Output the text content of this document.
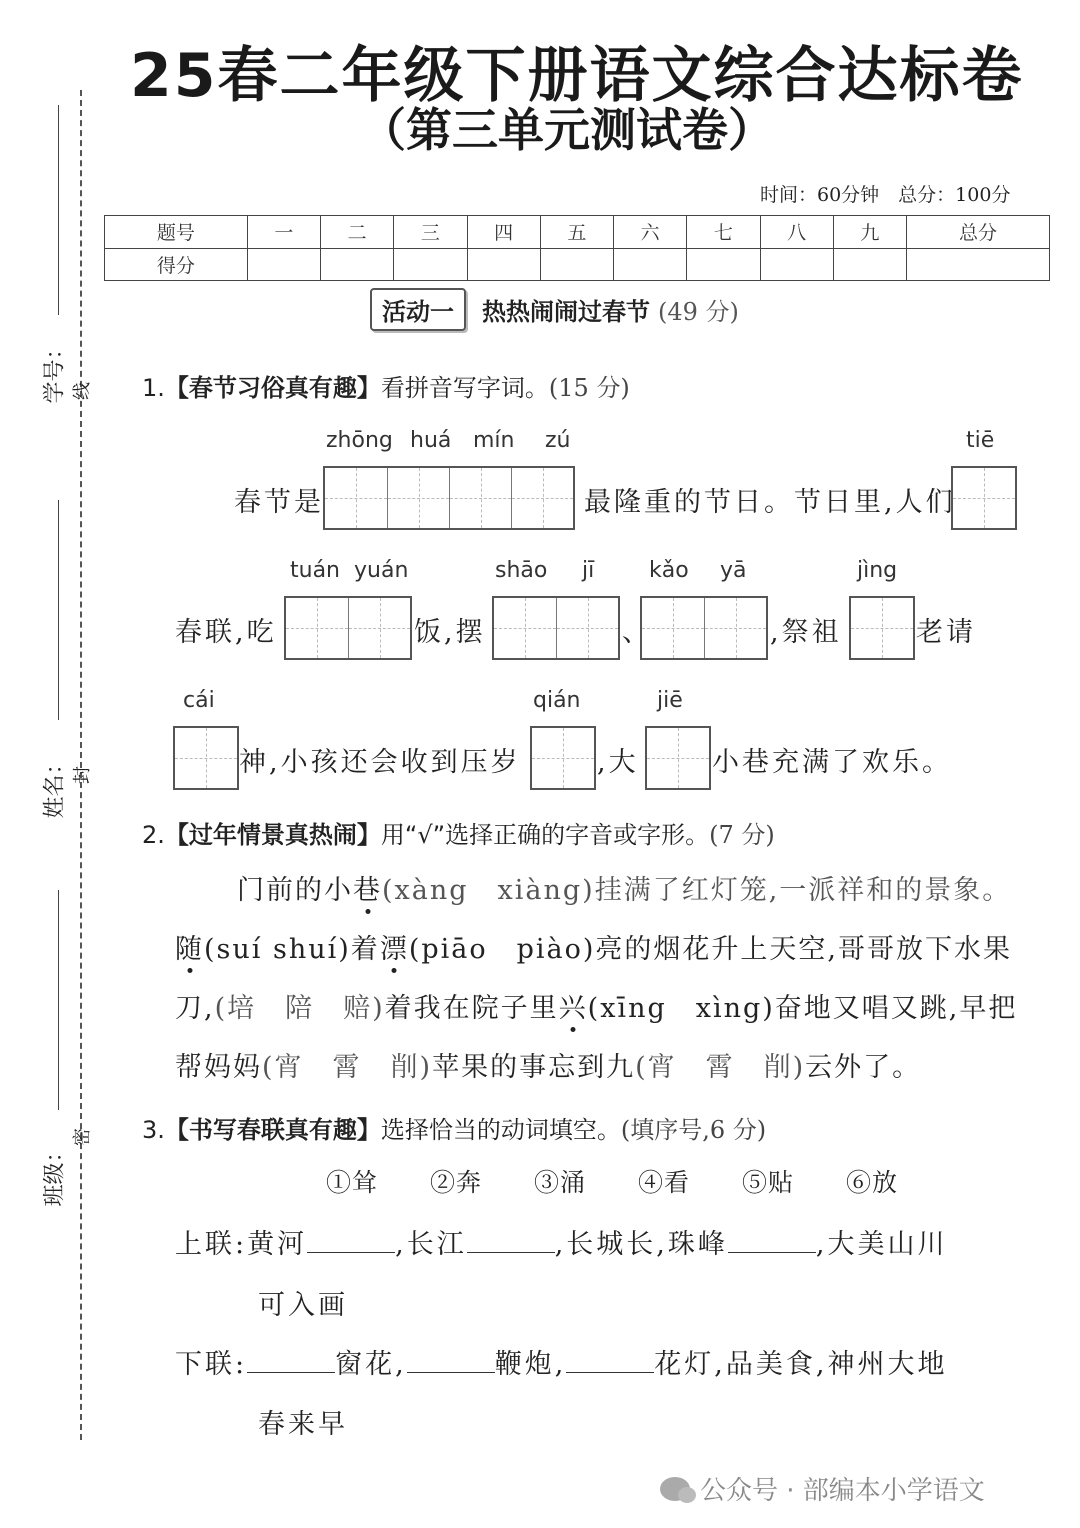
学号： 线
姓名： 封
班级：
密
25春二年级下册语文综合达标卷
（第三单元测试卷）
时间：60分钟　总分：100分
题号	一	二	三	四	五	六	七	八	九	总分
得分										
活动一	热热闹闹过春节 (49 分)
1.【春节习俗真有趣】看拼音写字词。(15 分)
zhōng huá mín zú	tiē
春节是	最隆重的节日。节日里,人们
tuán yuán	shāo jī kǎo yā	jìng
春联,吃	饭,摆	、	,祭祖	老请
cái	qián	jiē
神,小孩还会收到压岁	,大	小巷充满了欢乐。
2.【过年情景真热闹】用“√”选择正确的字音或字形。(7 分)
门前的小巷(xàng　xiàng)挂满了红灯笼,一派祥和的景象。
随(suí shuí)着漂(piāo　piào)亮的烟花升上天空,哥哥放下水果
刀,(培　陪　赔)着我在院子里兴(xīng　xìng)奋地又唱又跳,早把
帮妈妈(宵　霄　削)苹果的事忘到九(宵　霄　削)云外了。
3.【书写春联真有趣】选择恰当的动词填空。(填序号,6 分)
①耸　　②奔　　③涌　　④看　　⑤贴　　⑥放
上联:黄河	,长江	,长城长,珠峰	,大美山川
可入画
下联:	窗花,	鞭炮,	花灯,品美食,神州大地
春来早
公众号 · 部编本小学语文
